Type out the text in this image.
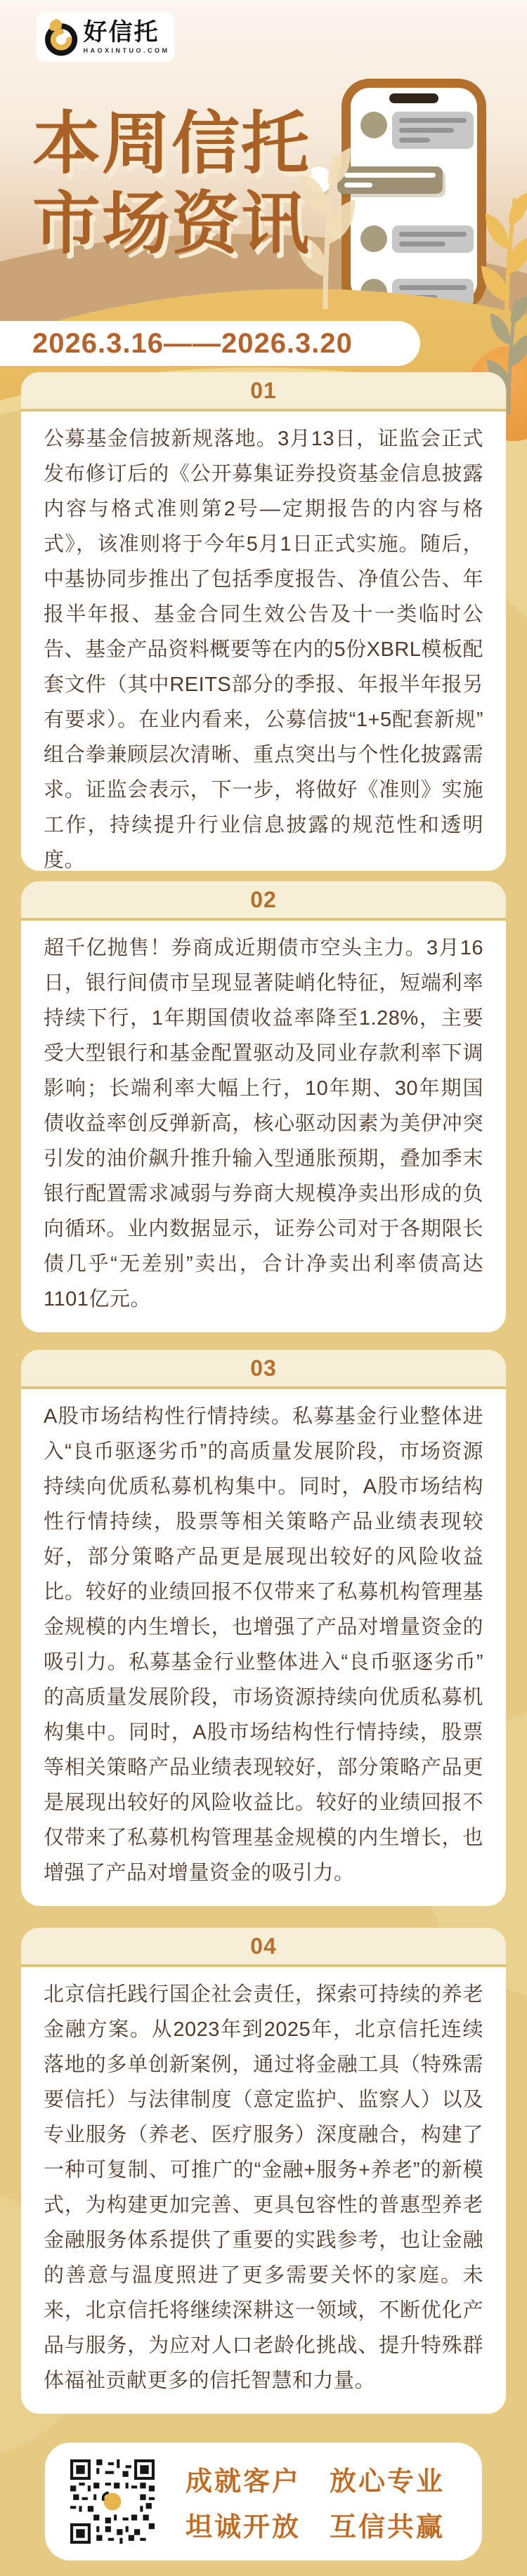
好信托
HAOXINTUO.COM
本周信托
市场资讯
2026.3.16——2026.3.20
01

公募基金信披新规落地。3月13日，证监会正式发布修订后的《公开募集证券投资基金信息披露内容与格式准则第2号—定期报告的内容与格式》，该准则将于今年5月1日正式实施。随后，中基协同步推出了包括季度报告、净值公告、年报半年报、基金合同生效公告及十一类临时公告、基金产品资料概要等在内的5份XBRL模板配套文件（其中REITS部分的季报、年报半年报另有要求）。在业内看来，公募信披“1+5配套新规”组合拳兼顾层次清晰、重点突出与个性化披露需求。证监会表示，下一步，将做好《准则》实施工作，持续提升行业信息披露的规范性和透明度。

02

超千亿抛售！券商成近期债市空头主力。3月16日，银行间债市呈现显著陡峭化特征，短端利率持续下行，1年期国债收益率降至1.28%，主要受大型银行和基金配置驱动及同业存款利率下调影响；长端利率大幅上行，10年期、30年期国债收益率创反弹新高，核心驱动因素为美伊冲突引发的油价飙升推升输入型通胀预期，叠加季末银行配置需求减弱与券商大规模净卖出形成的负向循环。业内数据显示，证券公司对于各期限长债几乎“无差别”卖出，合计净卖出利率债高达1101亿元。

03

A股市场结构性行情持续。私募基金行业整体进入“良币驱逐劣币”的高质量发展阶段，市场资源持续向优质私募机构集中。同时，A股市场结构性行情持续，股票等相关策略产品业绩表现较好，部分策略产品更是展现出较好的风险收益比。较好的业绩回报不仅带来了私募机构管理基金规模的内生增长，也增强了产品对增量资金的吸引力。私募基金行业整体进入“良币驱逐劣币”的高质量发展阶段，市场资源持续向优质私募机构集中。同时，A股市场结构性行情持续，股票等相关策略产品业绩表现较好，部分策略产品更是展现出较好的风险收益比。较好的业绩回报不仅带来了私募机构管理基金规模的内生增长，也增强了产品对增量资金的吸引力。

04

北京信托践行国企社会责任，探索可持续的养老金融方案。从2023年到2025年，北京信托连续落地的多单创新案例，通过将金融工具（特殊需要信托）与法律制度（意定监护、监察人）以及专业服务（养老、医疗服务）深度融合，构建了一种可复制、可推广的“金融+服务+养老”的新模式，为构建更加完善、更具包容性的普惠型养老金融服务体系提供了重要的实践参考，也让金融的善意与温度照进了更多需要关怀的家庭。未来，北京信托将继续深耕这一领域，不断优化产品与服务，为应对人口老龄化挑战、提升特殊群体福祉贡献更多的信托智慧和力量。

成就客户　放心专业
坦诚开放　互信共赢
